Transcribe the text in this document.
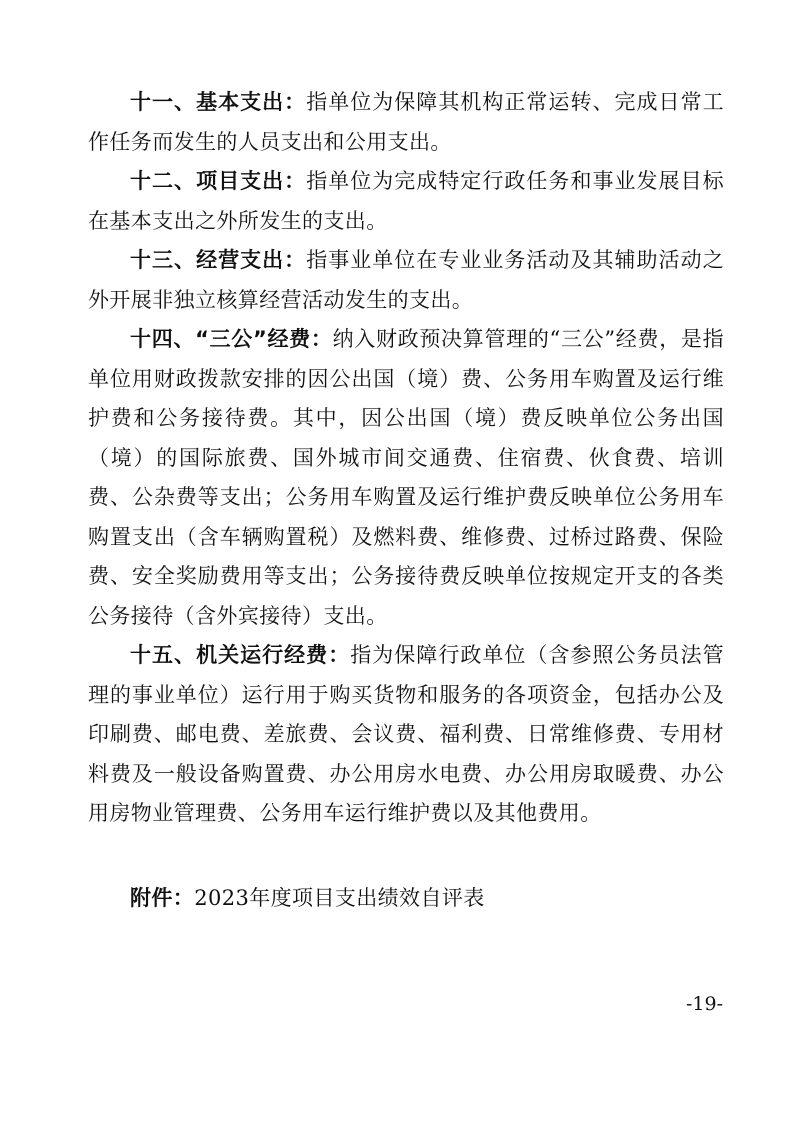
十一、基本支出：指单位为保障其机构正常运转、完成日常工作任务而发生的人员支出和公用支出。

十二、项目支出：指单位为完成特定行政任务和事业发展目标在基本支出之外所发生的支出。

十三、经营支出：指事业单位在专业业务活动及其辅助活动之外开展非独立核算经营活动发生的支出。

十四、“三公”经费：纳入财政预决算管理的“三公”经费，是指单位用财政拨款安排的因公出国（境）费、公务用车购置及运行维护费和公务接待费。其中，因公出国（境）费反映单位公务出国（境）的国际旅费、国外城市间交通费、住宿费、伙食费、培训费、公杂费等支出；公务用车购置及运行维护费反映单位公务用车购置支出（含车辆购置税）及燃料费、维修费、过桥过路费、保险费、安全奖励费用等支出；公务接待费反映单位按规定开支的各类公务接待（含外宾接待）支出。

十五、机关运行经费：指为保障行政单位（含参照公务员法管理的事业单位）运行用于购买货物和服务的各项资金，包括办公及印刷费、邮电费、差旅费、会议费、福利费、日常维修费、专用材料费及一般设备购置费、办公用房水电费、办公用房取暖费、办公用房物业管理费、公务用车运行维护费以及其他费用。

附件：2023年度项目支出绩效自评表
-19-
